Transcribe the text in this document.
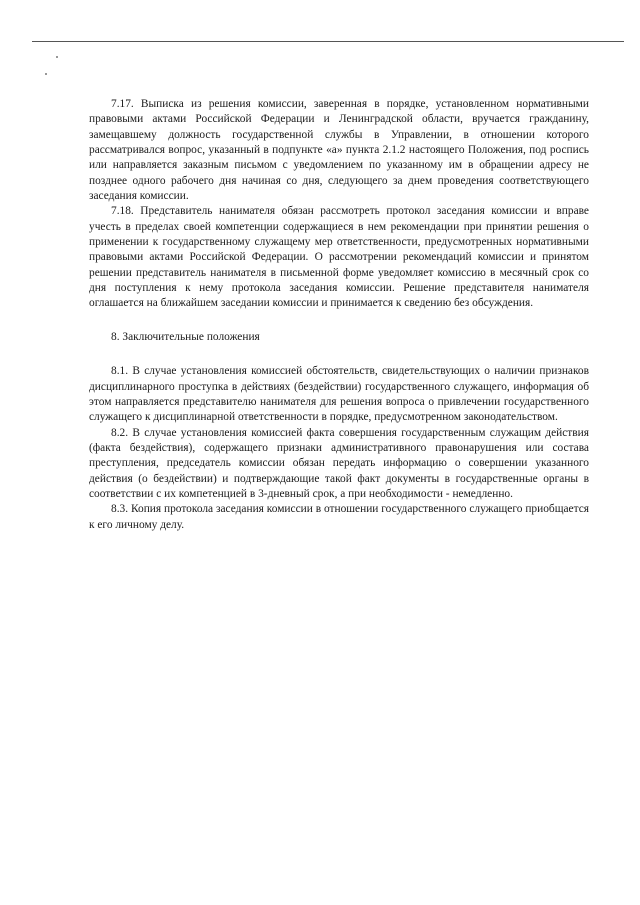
7.17. Выписка из решения комиссии, заверенная в порядке, установленном нормативными правовыми актами Российской Федерации и Ленинградской области, вручается гражданину, замещавшему должность государственной службы в Управлении, в отношении которого рассматривался вопрос, указанный в подпункте «а» пункта 2.1.2 настоящего Положения, под роспись или направляется заказным письмом с уведомлением по указанному им в обращении адресу не позднее одного рабочего дня начиная со дня, следующего за днем проведения соответствующего заседания комиссии.

7.18. Представитель нанимателя обязан рассмотреть протокол заседания комиссии и вправе учесть в пределах своей компетенции содержащиеся в нем рекомендации при принятии решения о применении к государственному служащему мер ответственности, предусмотренных нормативными правовыми актами Российской Федерации. О рассмотрении рекомендаций комиссии и принятом решении представитель нанимателя в письменной форме уведомляет комиссию в месячный срок со дня поступления к нему протокола заседания комиссии. Решение представителя нанимателя оглашается на ближайшем заседании комиссии и принимается к сведению без обсуждения.

8. Заключительные положения

8.1. В случае установления комиссией обстоятельств, свидетельствующих о наличии признаков дисциплинарного проступка в действиях (бездействии) государственного служащего, информация об этом направляется представителю нанимателя для решения вопроса о привлечении государственного служащего к дисциплинарной ответственности в порядке, предусмотренном законодательством.

8.2. В случае установления комиссией факта совершения государственным служащим действия (факта бездействия), содержащего признаки административного правонарушения или состава преступления, председатель комиссии обязан передать информацию о совершении указанного действия (о бездействии) и подтверждающие такой факт документы в государственные органы в соответствии с их компетенцией в 3-дневный срок, а при необходимости - немедленно.

8.3. Копия протокола заседания комиссии в отношении государственного служащего приобщается к его личному делу.
